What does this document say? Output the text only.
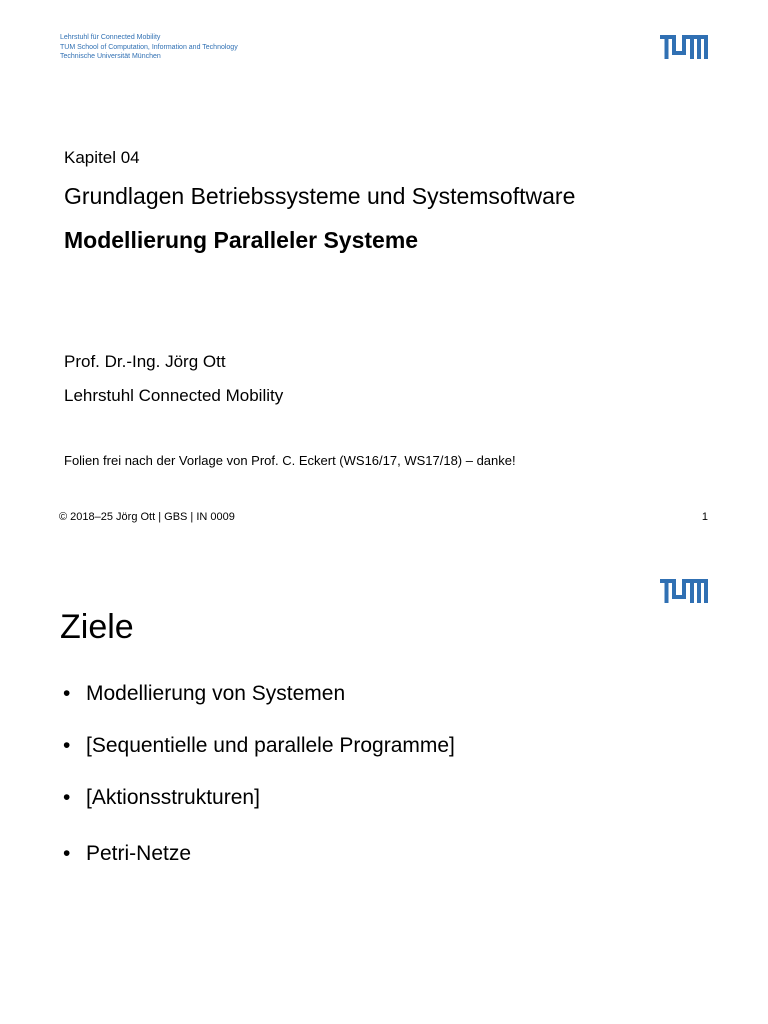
Lehrstuhl für Connected Mobility
TUM School of Computation, Information and Technology
Technische Universität München
Kapitel 04
Grundlagen Betriebssysteme und Systemsoftware
Modellierung Paralleler Systeme
Prof. Dr.-Ing. Jörg Ott
Lehrstuhl Connected Mobility
Folien frei nach der Vorlage von Prof. C. Eckert (WS16/17, WS17/18) – danke!
© 2018–25 Jörg Ott | GBS | IN 0009	1
Ziele
• Modellierung von Systemen
• [Sequentielle und parallele Programme]
• [Aktionsstrukturen]
• Petri-Netze
